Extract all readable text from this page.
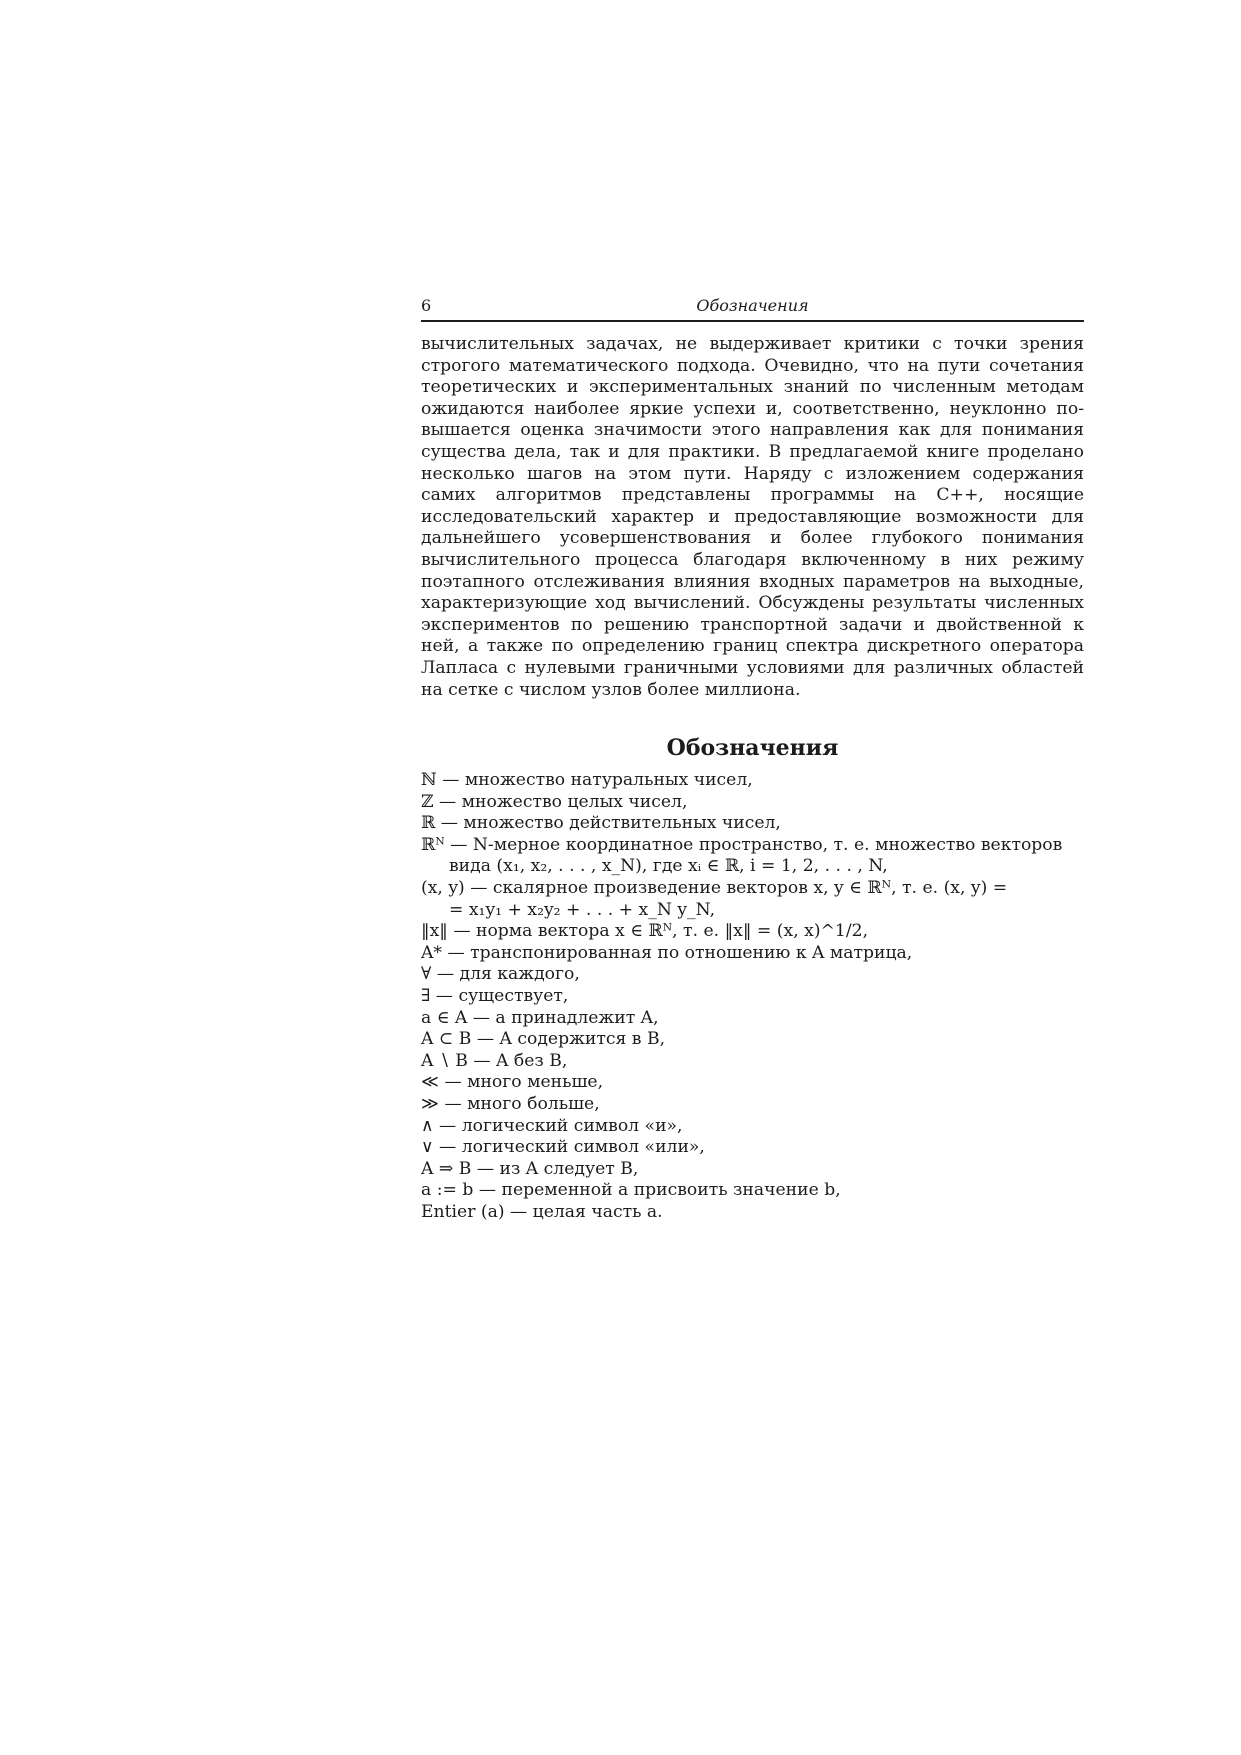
6	Обозначения

вычислительных задачах, не выдерживает критики с точки зрения строгого математического подхода. Очевидно, что на пути сочетания теоретических и экспериментальных знаний по численным методам ожидаются наиболее яркие успехи и, соответственно, неуклонно повышается оценка значимости этого направления как для понимания существа дела, так и для практики. В предлагаемой книге проделано несколько шагов на этом пути. Наряду с изложением содержания самих алгоритмов представлены программы на C++, носящие исследовательский характер и предоставляющие возможности для дальнейшего усовершенствования и более глубокого понимания вычислительного процесса благодаря включенному в них режиму поэтапного отслеживания влияния входных параметров на выходные, характеризующие ход вычислений. Обсуждены результаты численных экспериментов по решению транспортной задачи и двойственной к ней, а также по определению границ спектра дискретного оператора Лапласа с нулевыми граничными условиями для различных областей на сетке с числом узлов более миллиона.

Обозначения
ℕ — множество натуральных чисел,
ℤ — множество целых чисел,
ℝ — множество действительных чисел,
ℝᴺ — N-мерное координатное пространство, т. е. множество векторов
вида (x₁, x₂, . . . , x_N), где xᵢ ∈ ℝ, i = 1, 2, . . . , N,
(x, y) — скалярное произведение векторов x, y ∈ ℝᴺ, т. е. (x, y) =
= x₁y₁ + x₂y₂ + . . . + x_N y_N,
‖x‖ — норма вектора x ∈ ℝᴺ, т. е. ‖x‖ = (x, x)^1/2,
A* — транспонированная по отношению к A матрица,
∀ — для каждого,
∃ — существует,
a ∈ A — a принадлежит A,
A ⊂ B — A содержится в B,
A ∖ B — A без B,
≪ — много меньше,
≫ — много больше,
∧ — логический символ «и»,
∨ — логический символ «или»,
A ⇒ B — из A следует B,
a := b — переменной a присвоить значение b,
Entier (a) — целая часть a.
